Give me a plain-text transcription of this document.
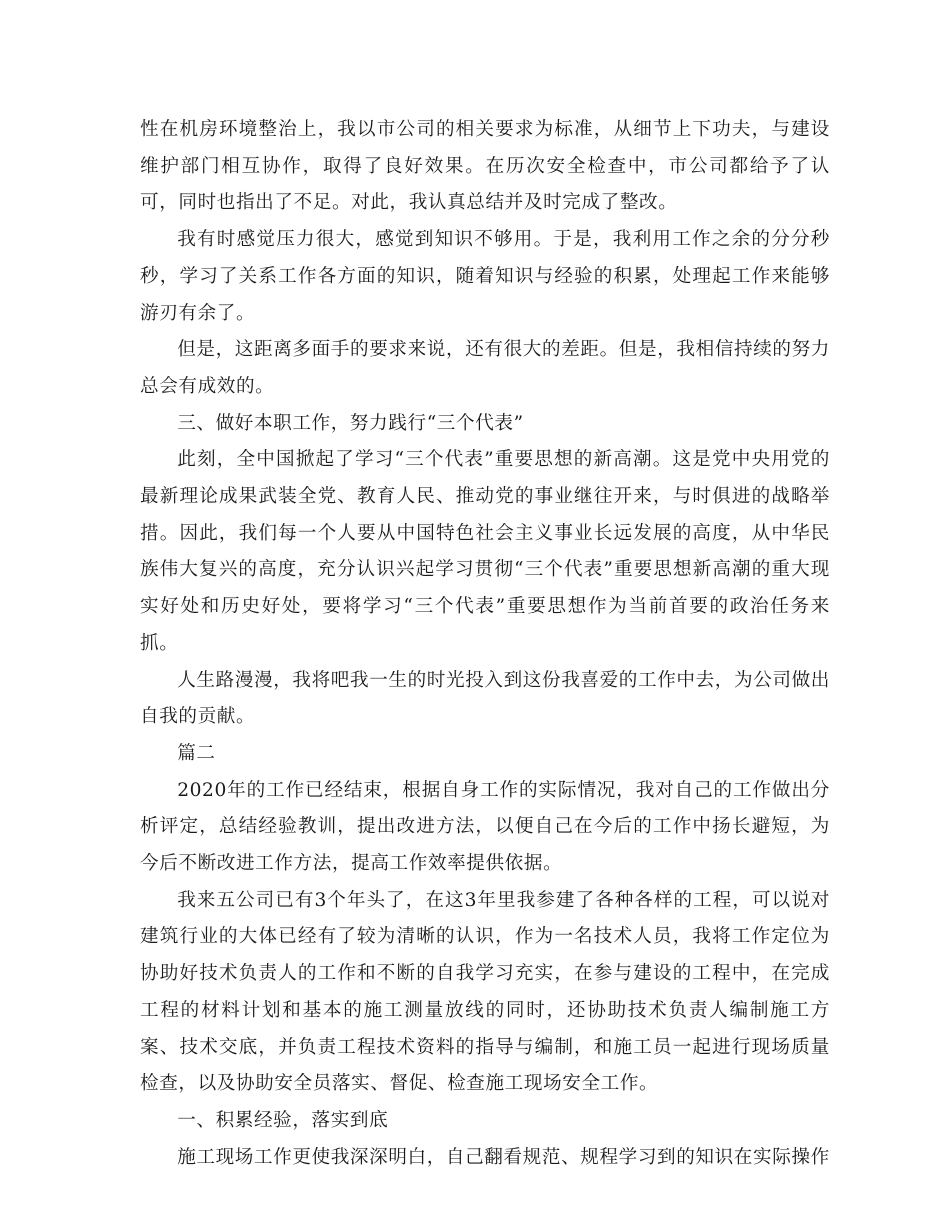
性在机房环境整治上，我以市公司的相关要求为标准，从细节上下功夫，与建设维护部门相互协作，取得了良好效果。在历次安全检查中，市公司都给予了认可，同时也指出了不足。对此，我认真总结并及时完成了整改。

我有时感觉压力很大，感觉到知识不够用。于是，我利用工作之余的分分秒秒，学习了关系工作各方面的知识，随着知识与经验的积累，处理起工作来能够游刃有余了。

但是，这距离多面手的要求来说，还有很大的差距。但是，我相信持续的努力总会有成效的。

三、做好本职工作，努力践行“三个代表”

此刻，全中国掀起了学习“三个代表”重要思想的新高潮。这是党中央用党的最新理论成果武装全党、教育人民、推动党的事业继往开来，与时俱进的战略举措。因此，我们每一个人要从中国特色社会主义事业长远发展的高度，从中华民族伟大复兴的高度，充分认识兴起学习贯彻“三个代表”重要思想新高潮的重大现实好处和历史好处，要将学习“三个代表”重要思想作为当前首要的政治任务来抓。

人生路漫漫，我将吧我一生的时光投入到这份我喜爱的工作中去，为公司做出自我的贡献。

篇二

2020年的工作已经结束，根据自身工作的实际情况，我对自己的工作做出分析评定，总结经验教训，提出改进方法，以便自己在今后的工作中扬长避短，为今后不断改进工作方法，提高工作效率提供依据。

我来五公司已有3个年头了，在这3年里我参建了各种各样的工程，可以说对建筑行业的大体已经有了较为清晰的认识，作为一名技术人员，我将工作定位为协助好技术负责人的工作和不断的自我学习充实，在参与建设的工程中，在完成工程的材料计划和基本的施工测量放线的同时，还协助技术负责人编制施工方案、技术交底，并负责工程技术资料的指导与编制，和施工员一起进行现场质量检查，以及协助安全员落实、督促、检查施工现场安全工作。

一、积累经验，落实到底

施工现场工作更使我深深明白，自己翻看规范、规程学习到的知识在实际操作
